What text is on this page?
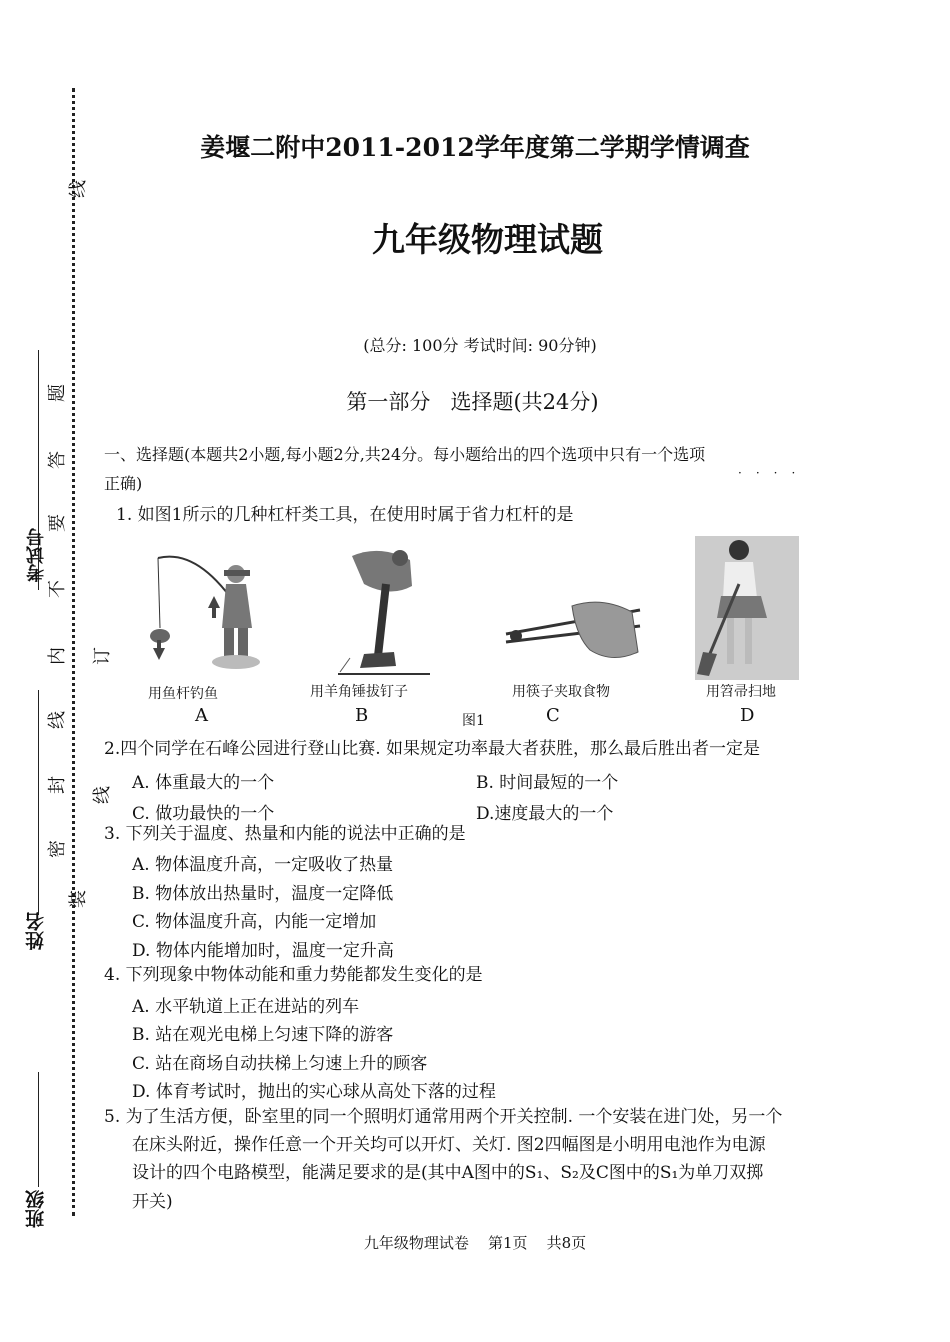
线
考试号
姓名
班级
题
答
要
不
内
线
封
密
订
线
装
姜堰二附中2011-2012学年度第二学期学情调查
九年级物理试题
(总分: 100分 考试时间: 90分钟)
第一部分   选择题(共24分)
一、选择题(本题共2小题,每小题2分,共24分。每小题给出的四个选项中只有一个选项
····
正确)
1. 如图1所示的几种杠杆类工具，在使用时属于省力杠杆的是
用鱼杆钓鱼
A
用羊角锤拔钉子
B
用筷子夹取食物
C
图1
用笤帚扫地
D
2.四个同学在石峰公园进行登山比赛. 如果规定功率最大者获胜，那么最后胜出者一定是
A. 体重最大的一个	B. 时间最短的一个
C. 做功最快的一个	D.速度最大的一个
3. 下列关于温度、热量和内能的说法中正确的是
A. 物体温度升高，一定吸收了热量
B. 物体放出热量时，温度一定降低
C. 物体温度升高，内能一定增加
D. 物体内能增加时，温度一定升高
4. 下列现象中物体动能和重力势能都发生变化的是
A. 水平轨道上正在进站的列车
B. 站在观光电梯上匀速下降的游客
C. 站在商场自动扶梯上匀速上升的顾客
D. 体育考试时，抛出的实心球从高处下落的过程
5. 为了生活方便，卧室里的同一个照明灯通常用两个开关控制. 一个安装在进门处，另一个
在床头附近，操作任意一个开关均可以开灯、关灯. 图2四幅图是小明用电池作为电源
设计的四个电路模型，能满足要求的是(其中A图中的S₁、S₂及C图中的S₁为单刀双掷
开关)
九年级物理试卷    第1页    共8页
